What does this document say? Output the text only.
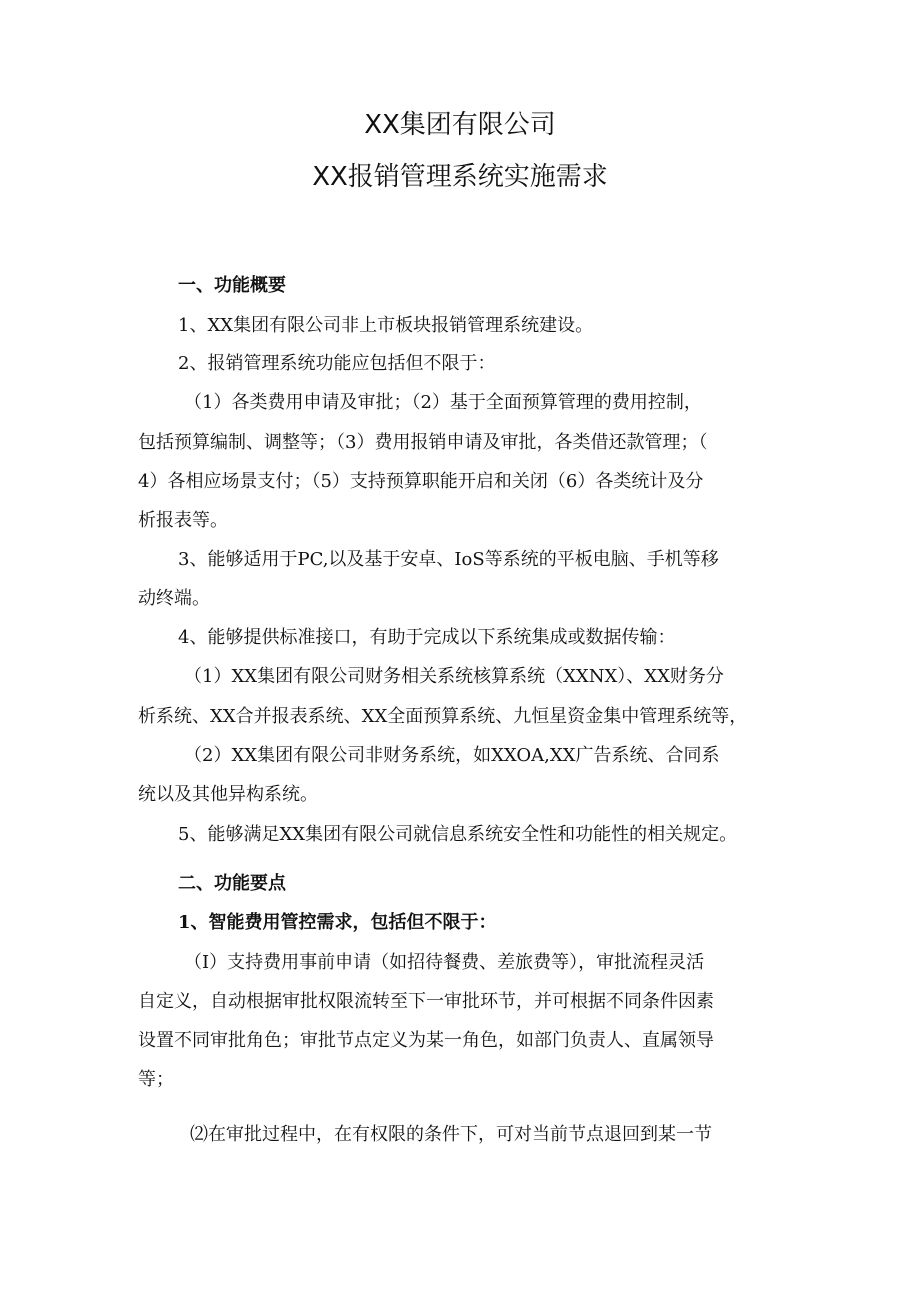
XX集团有限公司
XX报销管理系统实施需求

一、功能概要

1、XX集团有限公司非上市板块报销管理系统建设。

2、报销管理系统功能应包括但不限于：

（1）各类费用申请及审批；（2）基于全面预算管理的费用控制，

包括预算编制、调整等；（3）费用报销申请及审批，各类借还款管理；（

4）各相应场景支付；（5）支持预算职能开启和关闭（6）各类统计及分

析报表等。

3、能够适用于PC,以及基于安卓、IoS等系统的平板电脑、手机等移

动终端。

4、能够提供标准接口，有助于完成以下系统集成或数据传输：

（1）XX集团有限公司财务相关系统核算系统（XXNX）、XX财务分

析系统、XX合并报表系统、XX全面预算系统、九恒星资金集中管理系统等，

（2）XX集团有限公司非财务系统，如XXOA,XX广告系统、合同系

统以及其他异构系统。

5、能够满足XX集团有限公司就信息系统安全性和功能性的相关规定。

二、功能要点

1、智能费用管控需求，包括但不限于：

（I）支持费用事前申请（如招待餐费、差旅费等），审批流程灵活

自定义，自动根据审批权限流转至下一审批环节，并可根据不同条件因素

设置不同审批角色；审批节点定义为某一角色，如部门负责人、直属领导

等；

⑵在审批过程中，在有权限的条件下，可对当前节点退回到某一节
